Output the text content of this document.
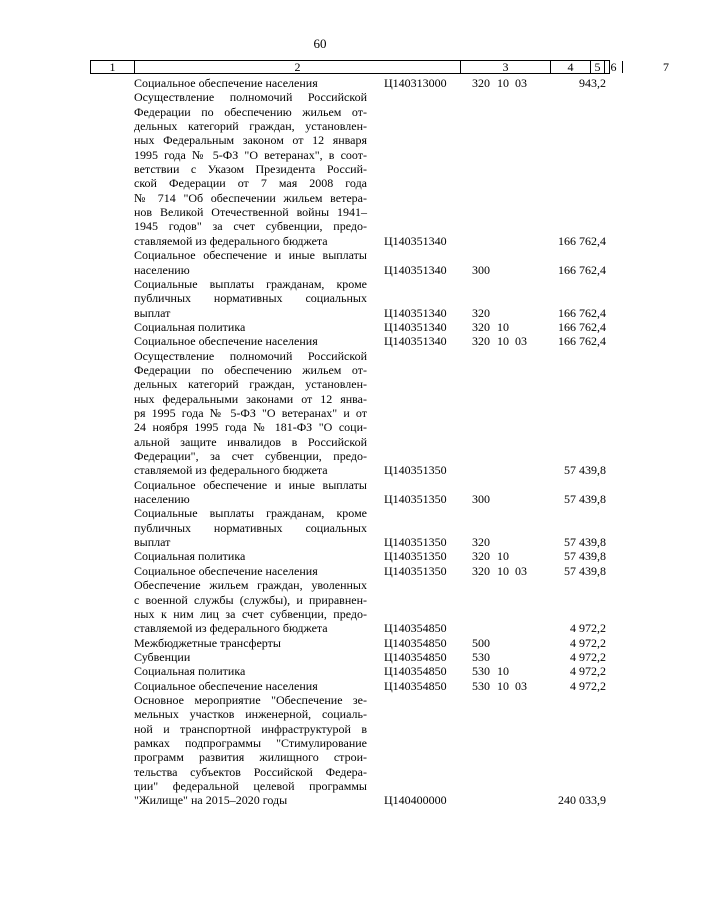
60
1	2	3	4	5 6	7
Социальное обеспечение населения	Ц140313000 320 10 03	943,2
Осуществление полномочий Российской
Федерации по обеспечению жильем от-
дельных категорий граждан, установлен-
ных Федеральным законом от 12 января
1995 года № 5-ФЗ "О ветеранах", в соот-
ветствии с Указом Президента Россий-
ской Федерации от 7 мая 2008 года
№ 714 "Об обеспечении жильем ветера-
нов Великой Отечественной войны 1941–
1945 годов" за счет субвенции, предо-
ставляемой из федерального бюджета	Ц140351340	166 762,4
Социальное обеспечение и иные выплаты
населению	Ц140351340 300	166 762,4
Социальные выплаты гражданам, кроме
публичных нормативных социальных
выплат	Ц140351340 320	166 762,4
Социальная политика	Ц140351340 320 10	166 762,4
Социальное обеспечение населения	Ц140351340 320 10 03	166 762,4
Осуществление полномочий Российской
Федерации по обеспечению жильем от-
дельных категорий граждан, установлен-
ных федеральными законами от 12 янва-
ря 1995 года № 5-ФЗ "О ветеранах" и от
24 ноября 1995 года № 181-ФЗ "О соци-
альной защите инвалидов в Российской
Федерации", за счет субвенции, предо-
ставляемой из федерального бюджета	Ц140351350	57 439,8
Социальное обеспечение и иные выплаты
населению	Ц140351350 300	57 439,8
Социальные выплаты гражданам, кроме
публичных нормативных социальных
выплат	Ц140351350 320	57 439,8
Социальная политика	Ц140351350 320 10	57 439,8
Социальное обеспечение населения	Ц140351350 320 10 03	57 439,8
Обеспечение жильем граждан, уволенных
с военной службы (службы), и приравнен-
ных к ним лиц за счет субвенции, предо-
ставляемой из федерального бюджета	Ц140354850	4 972,2
Межбюджетные трансферты	Ц140354850 500	4 972,2
Субвенции	Ц140354850 530	4 972,2
Социальная политика	Ц140354850 530 10	4 972,2
Социальное обеспечение населения	Ц140354850 530 10 03	4 972,2
Основное мероприятие "Обеспечение зе-
мельных участков инженерной, социаль-
ной и транспортной инфраструктурой в
рамках подпрограммы "Стимулирование
программ развития жилищного строи-
тельства субъектов Российской Федера-
ции" федеральной целевой программы
"Жилище" на 2015–2020 годы	Ц140400000	240 033,9
